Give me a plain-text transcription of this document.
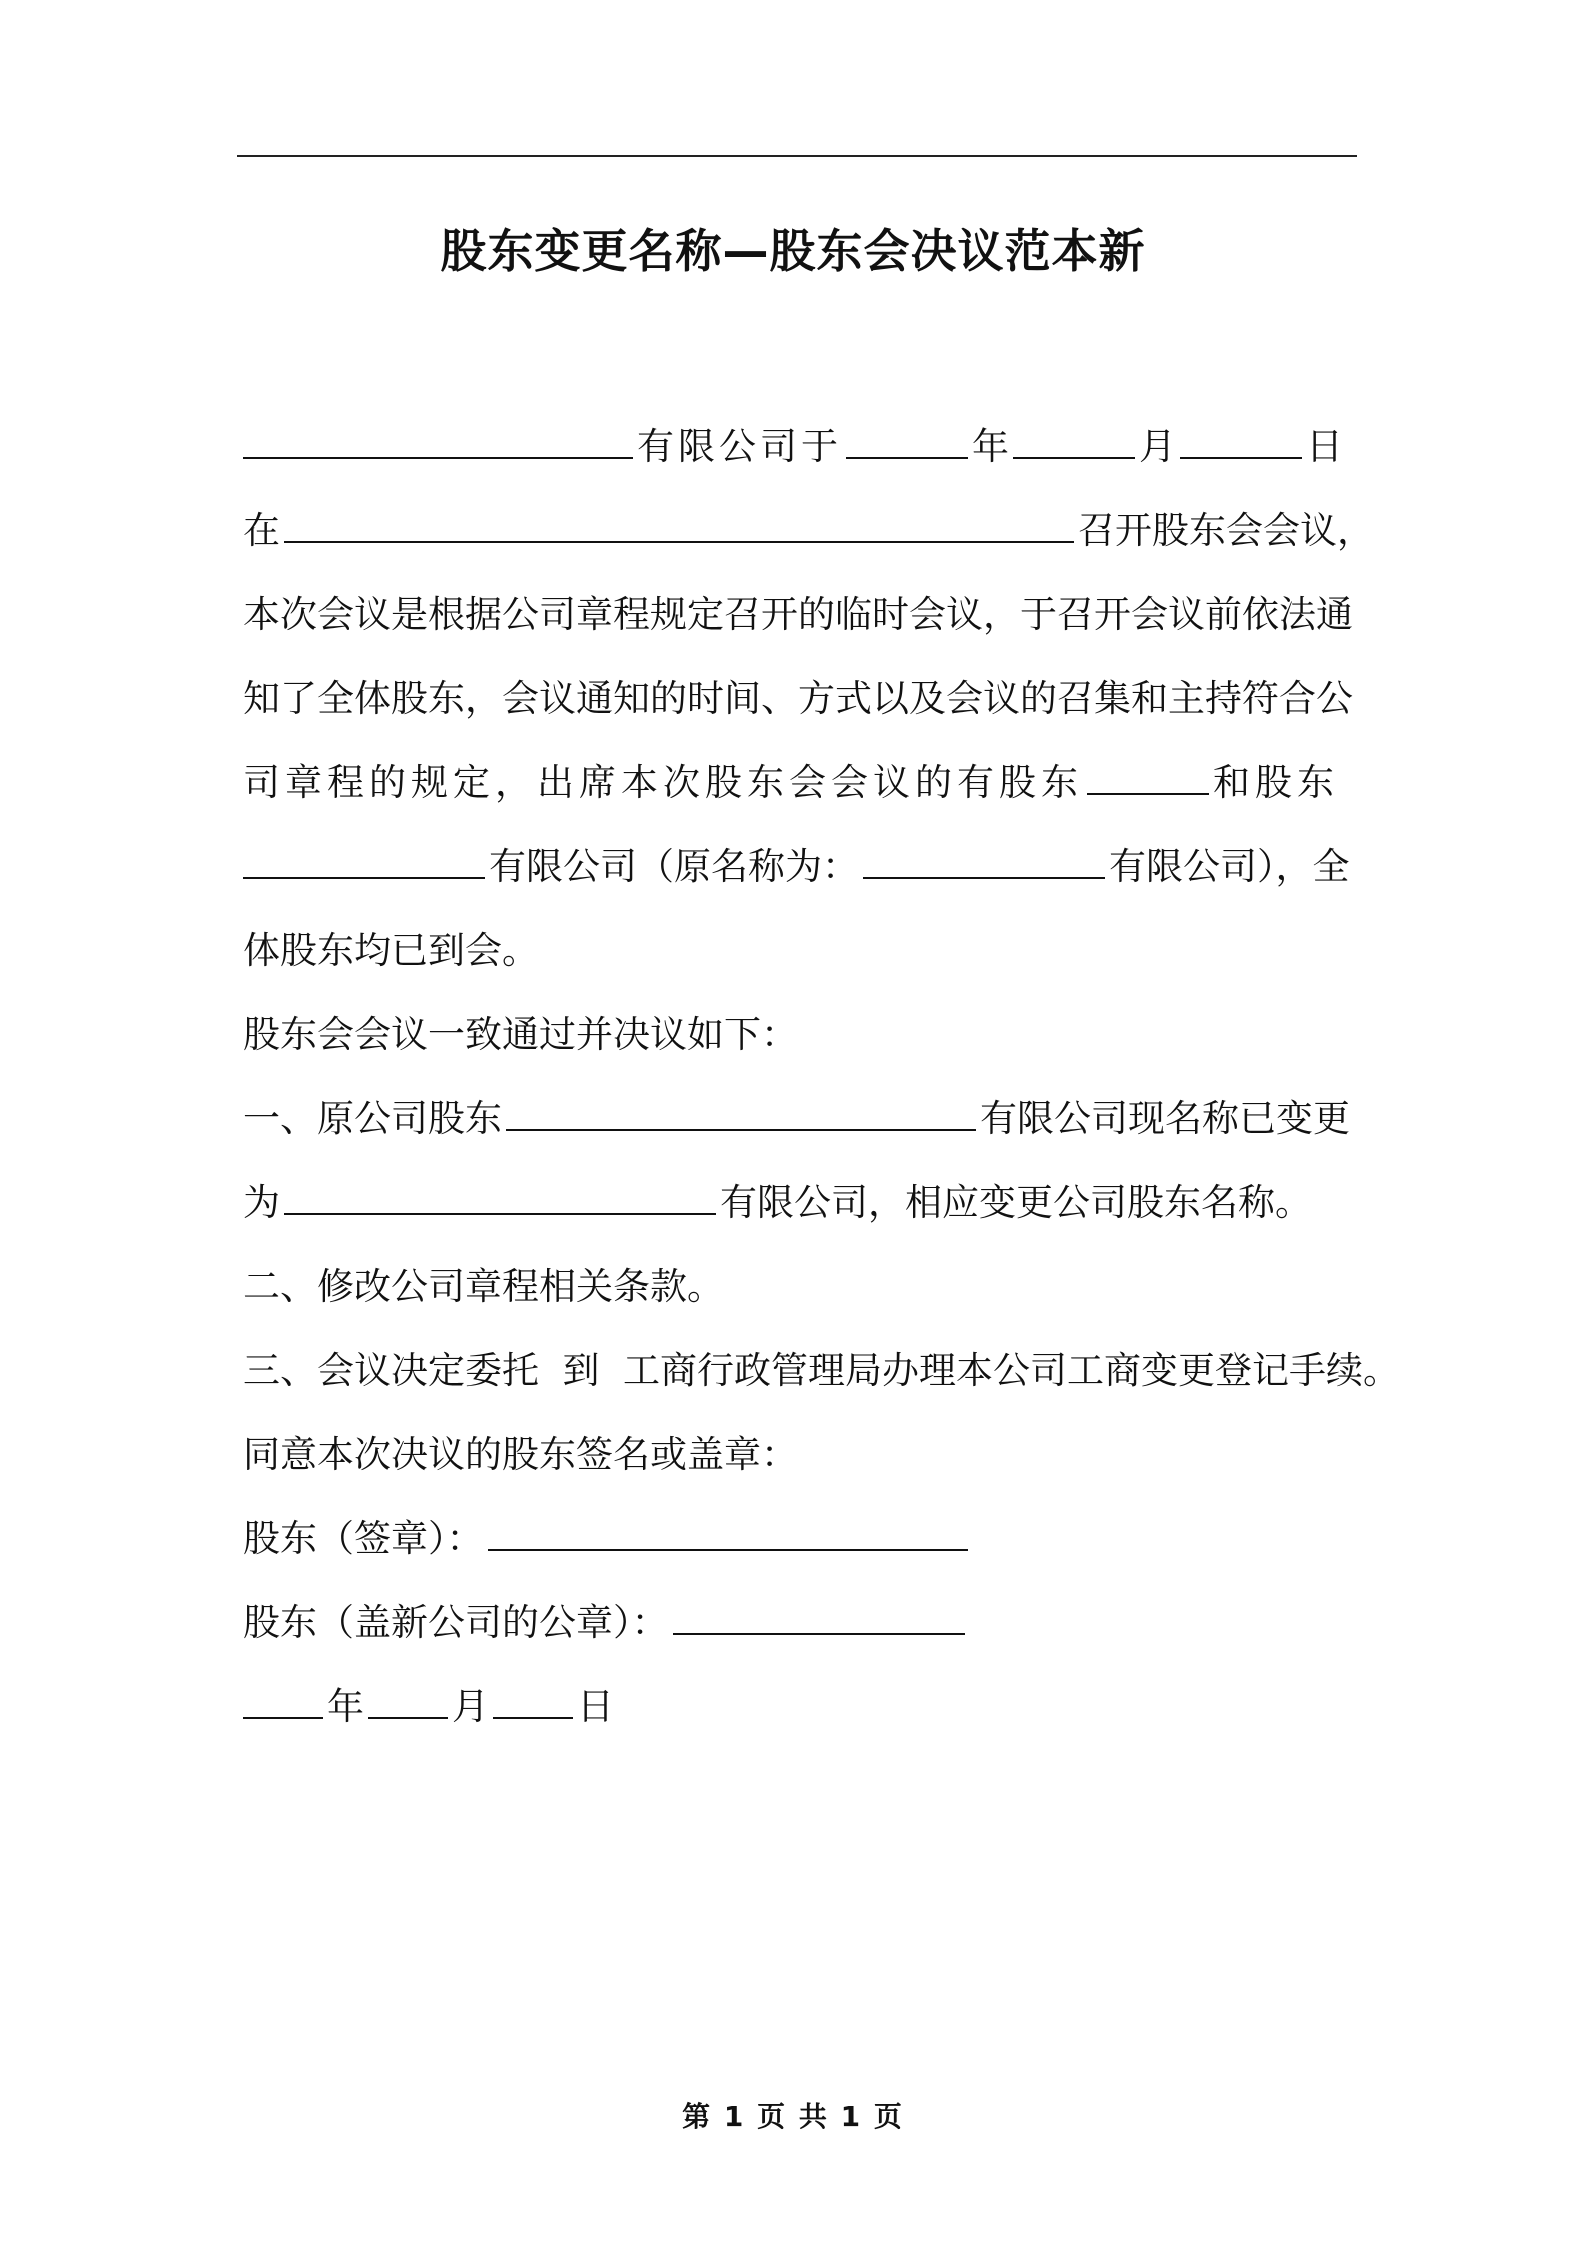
股东变更名称—股东会决议范本新
有限公司于	年	月	日
在	召开股东会会议，
本次会议是根据公司章程规定召开的临时会议，于召开会议前依法通
知了全体股东，会议通知的时间、方式以及会议的召集和主持符合公
司章程的规定，出席本次股东会会议的有股东	和股东
有限公司（原名称为：	有限公司），全
体股东均已到会。
股东会会议一致通过并决议如下：
一、原公司股东	有限公司现名称已变更
为	有限公司，相应变更公司股东名称。
二、修改公司章程相关条款。
三、会议决定委托  到  工商行政管理局办理本公司工商变更登记手续。
同意本次决议的股东签名或盖章：
股东（签章）：
股东（盖新公司的公章）：
年 月 日
第 1 页 共 1 页
